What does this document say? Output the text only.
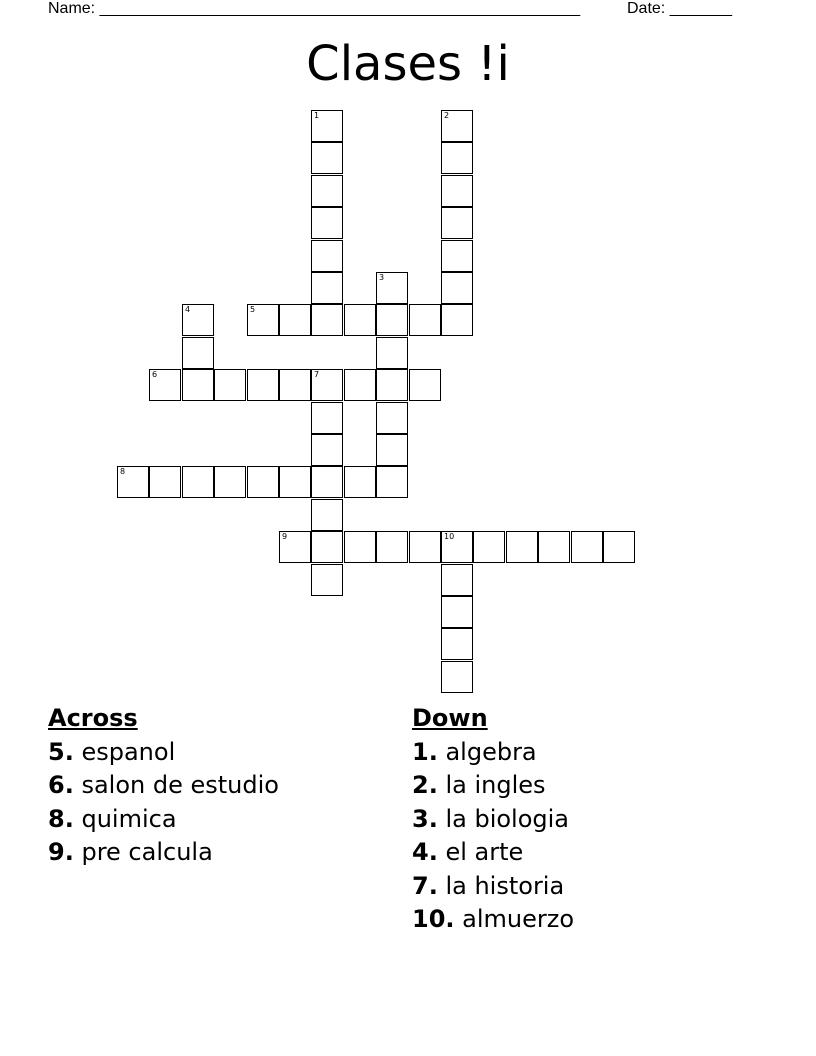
Name: ______________________________________________________	Date: _______
Clases !i
5
6	7
8
9	10
1	2
3
4
Across
5. espanol
6. salon de estudio
8. quimica
9. pre calcula
Down
1. algebra
2. la ingles
3. la biologia
4. el arte
7. la historia
10. almuerzo
